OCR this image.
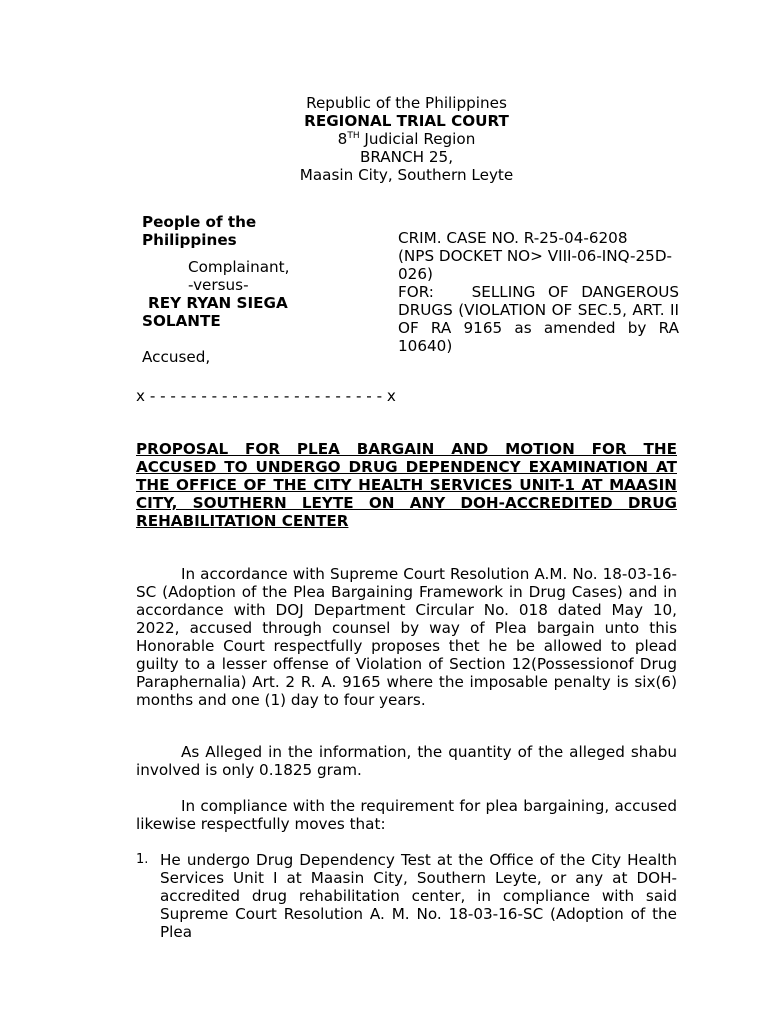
Republic of the Philippines
REGIONAL TRIAL COURT
8TH Judicial Region
BRANCH 25,
Maasin City, Southern Leyte
People of the Philippines
Complainant,
-versus-
REY RYAN SIEGA SOLANTE
Accused,
CRIM. CASE NO. R-25-04-6208
(NPS DOCKET NO> VIII-06-INQ-25D-026)
FOR: SELLING OF DANGEROUS DRUGS (VIOLATION OF SEC.5, ART. II OF RA 9165 as amended by RA 10640)
x - - - - - - - - - - - - - - - - - - - - - - - x
PROPOSAL FOR PLEA BARGAIN AND MOTION FOR THE ACCUSED TO UNDERGO DRUG DEPENDENCY EXAMINATION AT THE OFFICE OF THE CITY HEALTH SERVICES UNIT-1 AT MAASIN CITY, SOUTHERN LEYTE ON ANY DOH-ACCREDITED DRUG REHABILITATION CENTER
In accordance with Supreme Court Resolution A.M. No. 18-03-16-SC (Adoption of the Plea Bargaining Framework in Drug Cases) and in accordance with DOJ Department Circular No. 018 dated May 10, 2022, accused through counsel by way of Plea bargain unto this Honorable Court respectfully proposes thet he be allowed to plead guilty to a lesser offense of Violation of Section 12(Possessionof Drug Paraphernalia) Art. 2 R. A. 9165 where the imposable penalty is six(6) months and one (1) day to four years.
As Alleged in the information, the quantity of the alleged shabu involved is only 0.1825 gram.
In compliance with the requirement for plea bargaining, accused likewise respectfully moves that:
1. He undergo Drug Dependency Test at the Office of the City Health Services Unit I at Maasin City, Southern Leyte, or any at DOH- accredited drug rehabilitation center, in compliance with said Supreme Court Resolution A. M. No. 18-03-16-SC (Adoption of the Plea
